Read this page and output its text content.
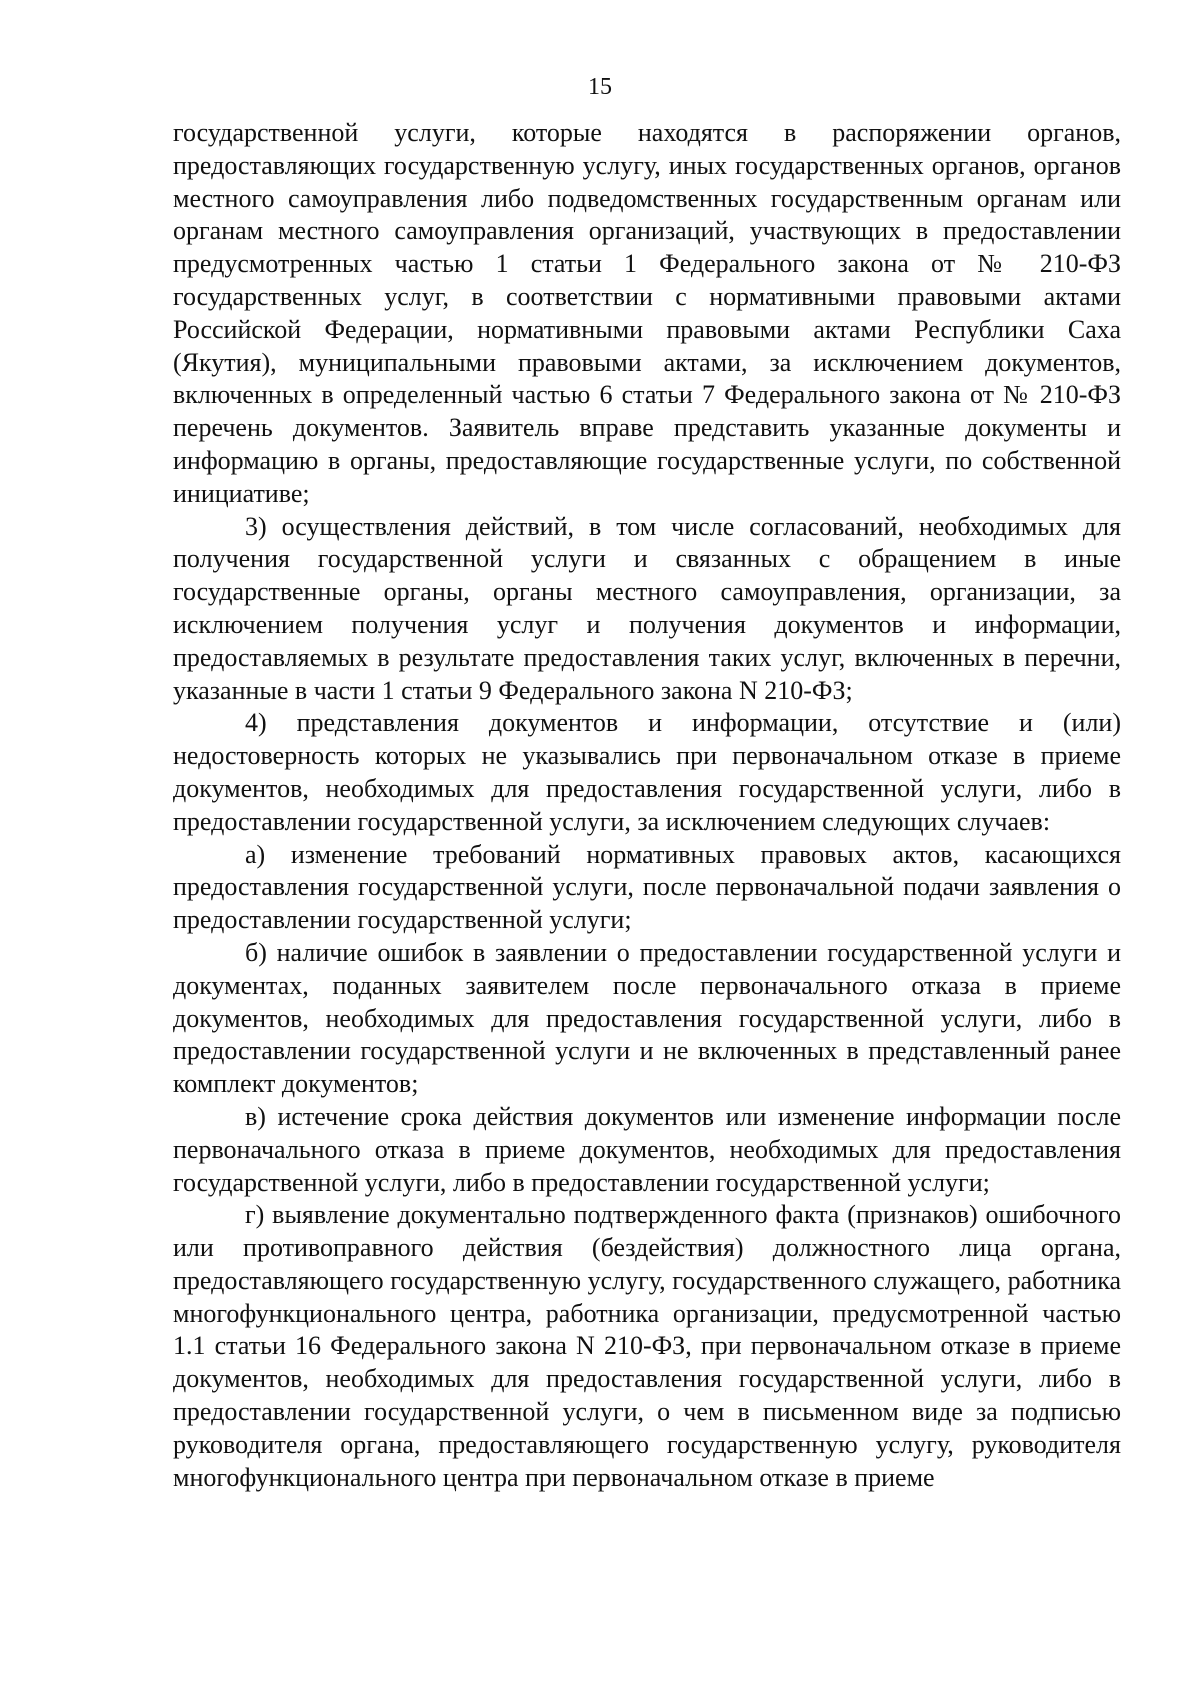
15

государственной услуги, которые находятся в распоряжении органов, предоставляющих государственную услугу, иных государственных органов, органов местного самоуправления либо подведомственных государственным органам или органам местного самоуправления организаций, участвующих в предоставлении предусмотренных частью 1 статьи 1 Федерального закона от № 210-ФЗ государственных услуг, в соответствии с нормативными правовыми актами Российской Федерации, нормативными правовыми актами Республики Саха (Якутия), муниципальными правовыми актами, за исключением документов, включенных в определенный частью 6 статьи 7 Федерального закона от № 210-ФЗ перечень документов. Заявитель вправе представить указанные документы и информацию в органы, предоставляющие государственные услуги, по собственной инициативе;

3) осуществления действий, в том числе согласований, необходимых для получения государственной услуги и связанных с обращением в иные государственные органы, органы местного самоуправления, организации, за исключением получения услуг и получения документов и информации, предоставляемых в результате предоставления таких услуг, включенных в перечни, указанные в части 1 статьи 9 Федерального закона N 210-ФЗ;

4) представления документов и информации, отсутствие и (или) недостоверность которых не указывались при первоначальном отказе в приеме документов, необходимых для предоставления государственной услуги, либо в предоставлении государственной услуги, за исключением следующих случаев:

а) изменение требований нормативных правовых актов, касающихся предоставления государственной услуги, после первоначальной подачи заявления о предоставлении государственной услуги;

б) наличие ошибок в заявлении о предоставлении государственной услуги и документах, поданных заявителем после первоначального отказа в приеме документов, необходимых для предоставления государственной услуги, либо в предоставлении государственной услуги и не включенных в представленный ранее комплект документов;

в) истечение срока действия документов или изменение информации после первоначального отказа в приеме документов, необходимых для предоставления государственной услуги, либо в предоставлении государственной услуги;

г) выявление документально подтвержденного факта (признаков) ошибочного или противоправного действия (бездействия) должностного лица органа, предоставляющего государственную услугу, государственного служащего, работника многофункционального центра, работника организации, предусмотренной частью 1.1 статьи 16 Федерального закона N 210-ФЗ, при первоначальном отказе в приеме документов, необходимых для предоставления государственной услуги, либо в предоставлении государственной услуги, о чем в письменном виде за подписью руководителя органа, предоставляющего государственную услугу, руководителя многофункционального центра при первоначальном отказе в приеме
